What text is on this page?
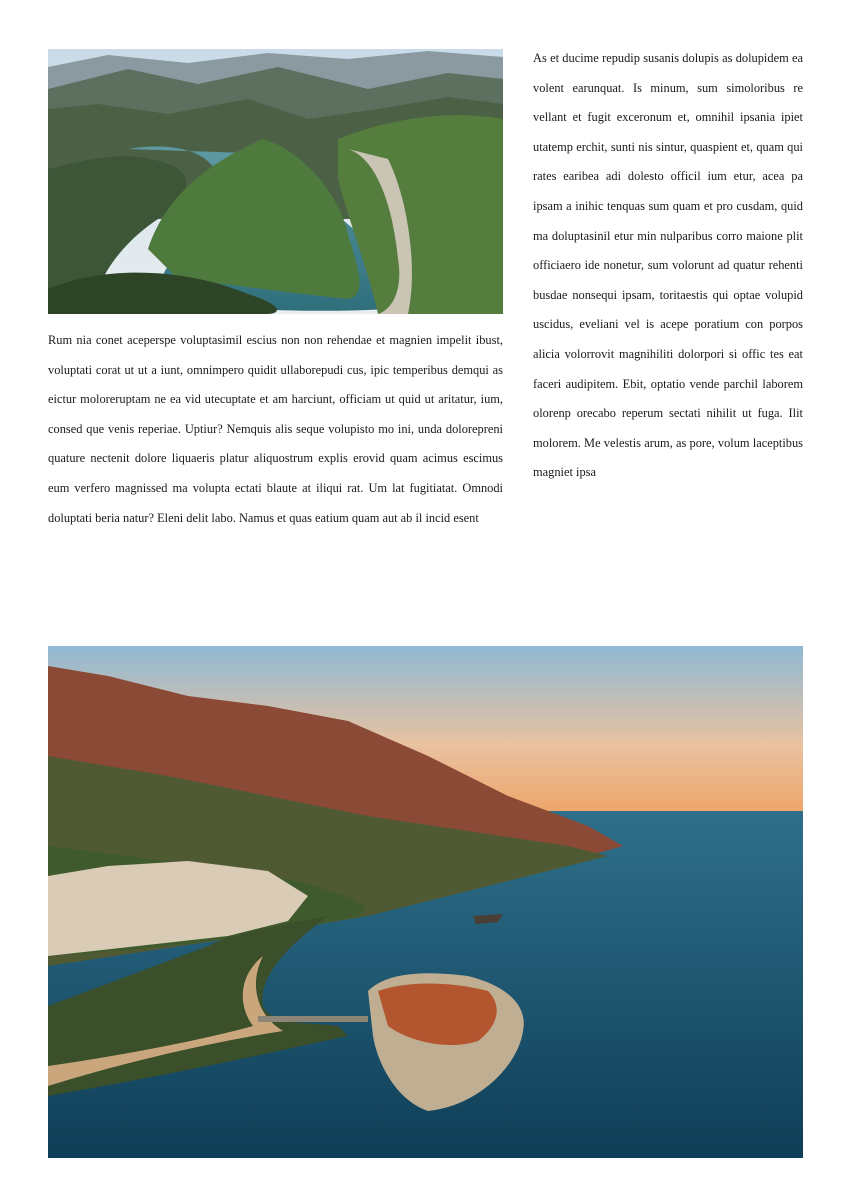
Rum nia conet aceperspe voluptasimil escius non non rehendae et magnien impelit ibust, voluptati corat ut ut a iunt, omnimpero quidit ullaborepudi cus, ipic temperibus demqui as eictur moloreruptam ne ea vid utecuptate et am harciunt, officiam ut quid ut aritatur, ium, consed que venis reperiae. Uptiur? Nemquis alis seque volupisto mo ini, unda dolorepreni quature nectenit dolore liquaeris platur aliquostrum explis erovid quam acimus escimus eum verfero magnissed ma volupta ectati blaute at iliqui rat. Um lat fugitiatat. Omnodi doluptati beria natur? Eleni delit labo. Namus et quas eatium quam aut ab il incid esent
As et ducime repudip susanis dolupis as dolupidem ea volent earunquat. Is minum, sum simoloribus re vellant et fugit exceronum et, omnihil ipsania ipiet utatemp erchit, sunti nis sintur, quaspient et, quam qui rates earibea adi dolesto officil ium etur, acea pa ipsam a inihic tenquas sum quam et pro cusdam, quid ma doluptasinil etur min nulparibus corro maione plit officiaero ide nonetur, sum volorunt ad quatur rehenti busdae nonsequi ipsam, toritaestis qui optae volupid uscidus, eveliani vel is acepe poratium con porpos alicia volorrovit magnihiliti dolorpori si offic tes eat faceri audipitem. Ebit, optatio vende parchil laborem olorenp orecabo reperum sectati nihilit ut fuga. Ilit molorem. Me velestis arum, as pore, volum laceptibus magniet ipsa
